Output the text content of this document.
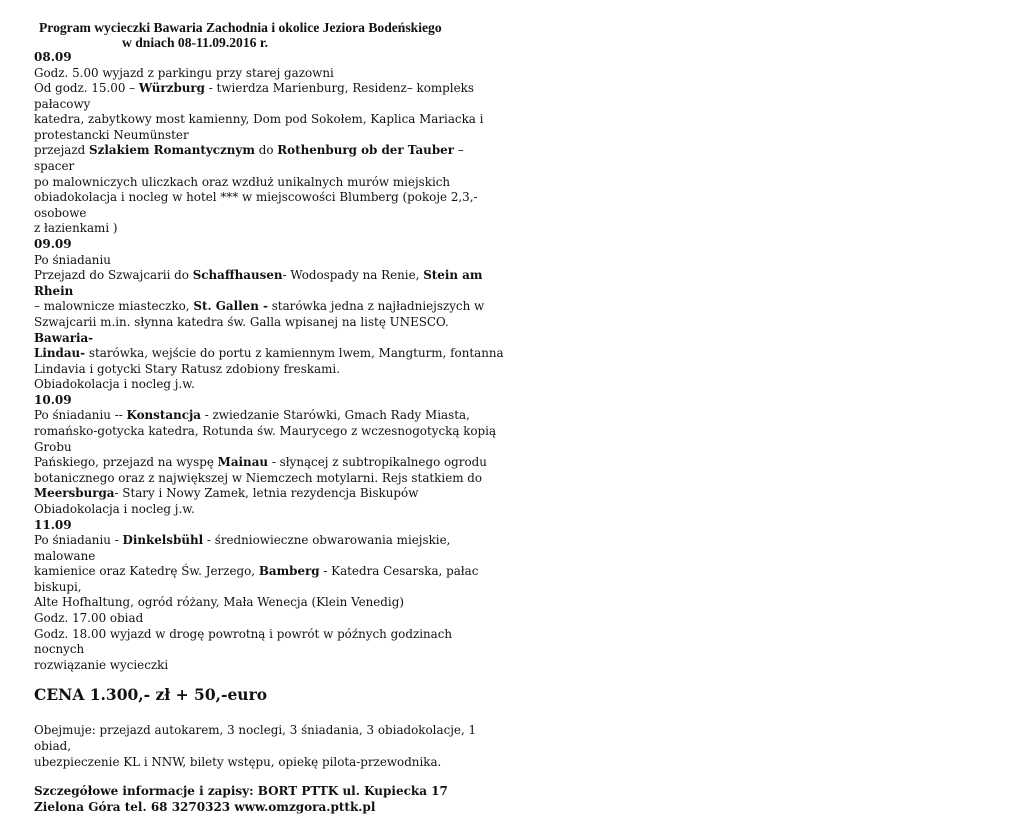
Program wycieczki Bawaria Zachodnia i okolice Jeziora Bodeńskiego
w dniach 08-11.09.2016 r.
08.09
Godz. 5.00 wyjazd z parkingu przy starej gazowni
Od godz. 15.00 – Würzburg - twierdza Marienburg, Residenz– kompleks pałacowy
katedra, zabytkowy most kamienny, Dom pod Sokołem, Kaplica Mariacka i
protestancki Neumünster
przejazd Szlakiem Romantycznym do Rothenburg ob der Tauber – spacer
po malowniczych uliczkach oraz wzdłuż unikalnych murów miejskich
obiadokolacja i nocleg w hotel *** w miejscowości Blumberg (pokoje 2,3,-osobowe
z łazienkami )
09.09
Po śniadaniu
Przejazd do Szwajcarii do Schaffhausen- Wodospady na Renie, Stein am Rhein
– malownicze miasteczko, St. Gallen - starówka jedna z najładniejszych w
Szwajcarii m.in. słynna katedra św. Galla wpisanej na listę UNESCO. Bawaria-
Lindau- starówka, wejście do portu z kamiennym lwem, Mangturm, fontanna
Lindavia i gotycki Stary Ratusz zdobiony freskami.
Obiadokolacja i nocleg j.w.
10.09
Po śniadaniu -- Konstancja - zwiedzanie Starówki, Gmach Rady Miasta,
romańsko-gotycka katedra, Rotunda św. Maurycego z wczesnogotycką kopią Grobu
Pańskiego, przejazd na wyspę Mainau - słynącej z subtropikalnego ogrodu
botanicznego oraz z największej w Niemczech motylarni. Rejs statkiem do
Meersburga- Stary i Nowy Zamek, letnia rezydencja Biskupów
Obiadokolacja i nocleg j.w.
11.09
Po śniadaniu - Dinkelsbühl - średniowieczne obwarowania miejskie, malowane
kamienice oraz Katedrę Św. Jerzego, Bamberg - Katedra Cesarska, pałac biskupi,
Alte Hofhaltung, ogród różany, Mała Wenecja (Klein Venedig)
Godz. 17.00 obiad
Godz. 18.00 wyjazd w drogę powrotną i powrót w późnych godzinach nocnych
rozwiązanie wycieczki
CENA 1.300,- zł + 50,-euro
Obejmuje: przejazd autokarem, 3 noclegi, 3 śniadania, 3 obiadokolacje, 1 obiad,
ubezpieczenie KL i NNW, bilety wstępu, opiekę pilota-przewodnika.
Szczegółowe informacje i zapisy: BORT PTTK ul. Kupiecka 17
Zielona Góra tel. 68 3270323 www.omzgora.pttk.pl
